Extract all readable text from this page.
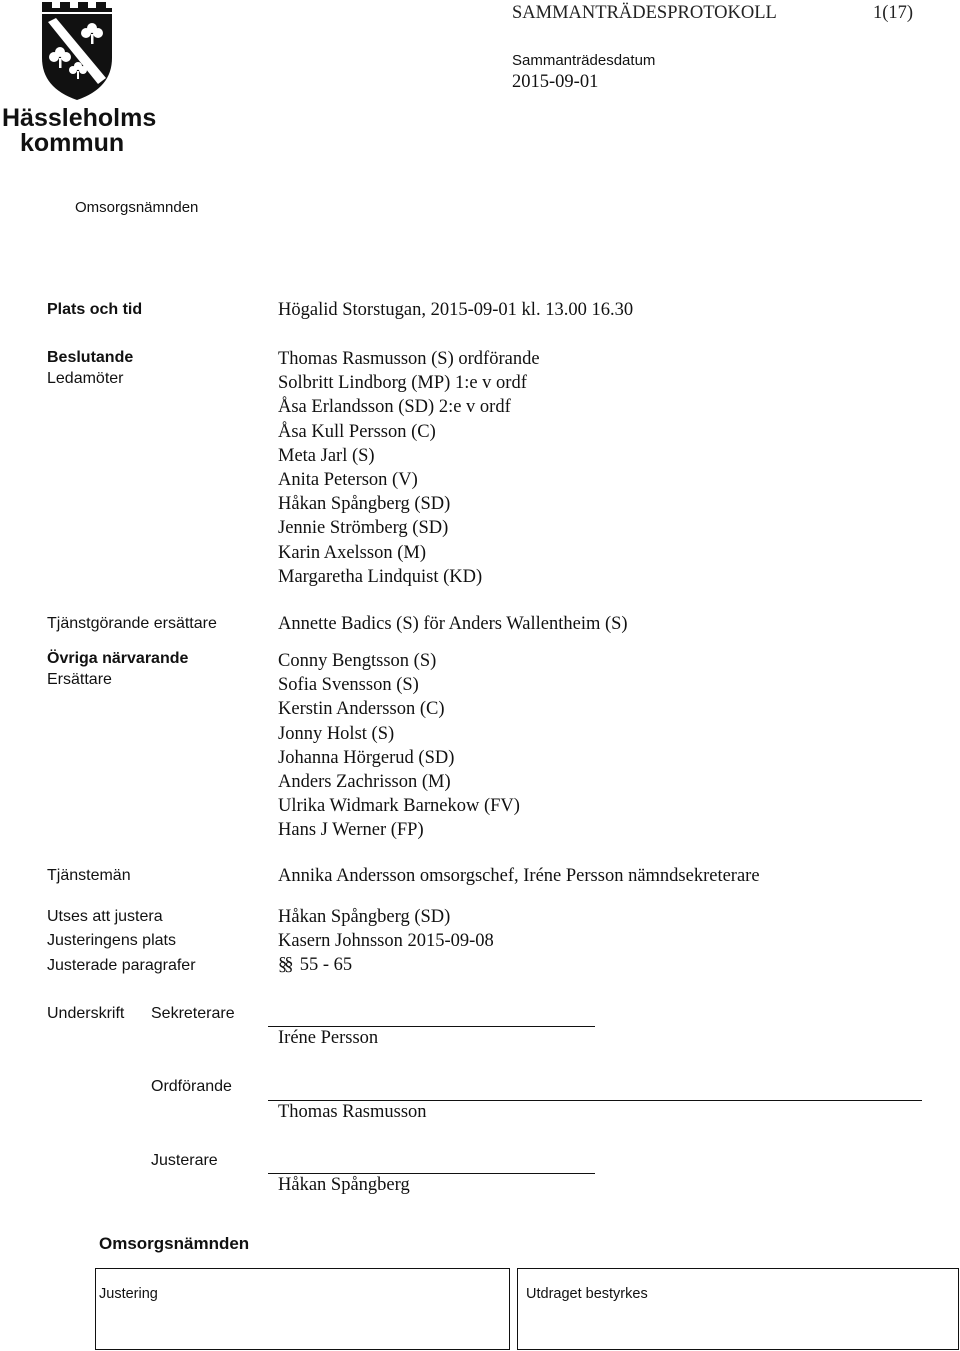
Hässleholms
kommun
SAMMANTRÄDESPROTOKOLL	1(17)
Sammanträdesdatum
2015-09-01
Omsorgsnämnden
Plats och tid	Högalid Storstugan, 2015-09-01 kl. 13.00 16.30
Beslutande
Ledamöter
Thomas Rasmusson (S) ordförande
Solbritt Lindborg (MP) 1:e v ordf
Åsa Erlandsson (SD) 2:e v ordf
Åsa Kull Persson (C)
Meta Jarl (S)
Anita Peterson (V)
Håkan Spångberg (SD)
Jennie Strömberg (SD)
Karin Axelsson (M)
Margaretha Lindquist (KD)
Tjänstgörande ersättare	Annette Badics (S) för Anders Wallentheim (S)
Övriga närvarande
Ersättare
Conny Bengtsson (S)
Sofia Svensson (S)
Kerstin Andersson (C)
Jonny Holst (S)
Johanna Hörgerud (SD)
Anders Zachrisson (M)
Ulrika Widmark Barnekow (FV)
Hans J Werner (FP)
Tjänstemän	Annika Andersson omsorgschef, Iréne Persson nämndsekreterare
Utses att justera	Håkan Spångberg (SD)
Justeringens plats	Kasern Johnsson 2015-09-08
Justerade paragrafer	§§ 55 - 65
Underskrift Sekreterare
Iréne Persson
Ordförande
Thomas Rasmusson
Justerare
Håkan Spångberg
Omsorgsnämnden
Justering	Utdraget bestyrkes
